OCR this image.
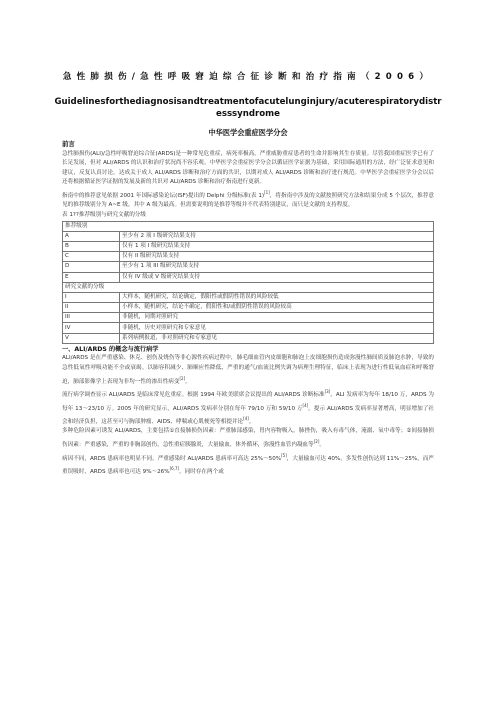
急性肺损伤/急性呼吸窘迫综合征诊断和治疗指南（2006）
Guidelinesforthediagnosisandtreatmentofacutelunginjury/acuterespiratorydistresssyndrome
中华医学会重症医学分会
前言

急性肺损伤(ALI)/急性呼吸窘迫综合征(ARDS)是一种常见危重症，病死率极高，严重威胁重症患者的生命并影响其生存质量。尽管我国重症医学已有了长足发展，但对 ALI/ARDS 的认识和治疗状况尚不容乐观。中华医学会重症医学分会以循证医学证据为基础，采用国际通用的方法，经广泛征求意见和建议，反复认真讨论，达成关于成人 ALI/ARDS 诊断和治疗方面的共识，以期对成人 ALI/ARDS 诊断和治疗进行规范。中华医学会重症医学分会以后还将根据循证医学证据的发展及新的共识对 ALI/ARDS 诊断和治疗指南进行更新。

指南中的推荐意见依据 2001 年国际感染论坛(ISF)提出的 Delphi 分级标准(表 1)[1]，将指南中涉及的文献按照研究方法和结果分成 5 个层次，推荐意见的推荐级别分为 A~E 级，其中 A 级为最高。但需要说明的是推荐等级并不代表特别建议，而只是文献的支持程度。

表 1??推荐级别与研究文献的分级
推荐级别	
A	至少有 2 项 I 级研究结果支持
B	仅有 1 项 I 级研究结果支持
C	仅有 II 级研究结果支持
D	至少有 1 项 III 级研究结果支持
E	仅有 IV 级或 V 级研究结果支持
研究文献的分级	
I	大样本，随机研究，结论确定，假阳性或假阴性错误的风险较低
II	小样本，随机研究，结论不确定，假阳性和/或假阴性错误的风险较高
III	非随机，同期对照研究
IV	非随机，历史对照研究和专家意见
V	系列病例报道，非对照研究和专家意见
一、ALI/ARDS 的概念与流行病学

ALI/ARDS 是在严重感染、休克、创伤及烧伤等非心源性疾病过程中，肺毛细血管内皮细胞和肺泡上皮细胞损伤造成弥漫性肺间质及肺泡水肿，导致的急性低氧性呼吸功能不全或衰竭。以肺容积减少、肺顺应性降低、严重的通气/血流比例失调为病理生理特征，临床上表现为进行性低氧血症和呼吸窘迫，肺部影像学上表现为非均一性的渗出性病变[2]。

流行病学调查显示 ALI/ARDS 是临床常见危重症。根据 1994 年欧美联席会议提出的 ALI/ARDS 诊断标准[3]，ALI 发病率为每年 18/10 万，ARDS 为每年 13～23/10 万。2005 年的研究显示，ALI/ARDS 发病率分别在每年 79/10 万和 59/10 万[4]。提示 ALI/ARDS 发病率显著增高，明显增加了社会和经济负担，这甚至可与胸部肿瘤、AIDS、哮喘或心肌梗死等相提并论[4]。

多种危险因素可诱发 ALI/ARDS，主要包括①直接肺损伤因素：严重肺部感染，胃内容物吸入，肺挫伤，吸入有毒气体，淹溺、氧中毒等；②间接肺损伤因素：严重感染，严重的非胸部创伤，急性重症胰腺炎，大量输血，体外循环，弥漫性血管内凝血等[2]。

病因不同，ARDS 患病率也明显不同。严重感染时 ALI/ARDS 患病率可高达 25%～50%[5]，大量输血可达 40%，多发性创伤达到 11%～25%，而严重误吸时，ARDS 患病率也可达 9%～26%[6,7]。同时存在两个或
